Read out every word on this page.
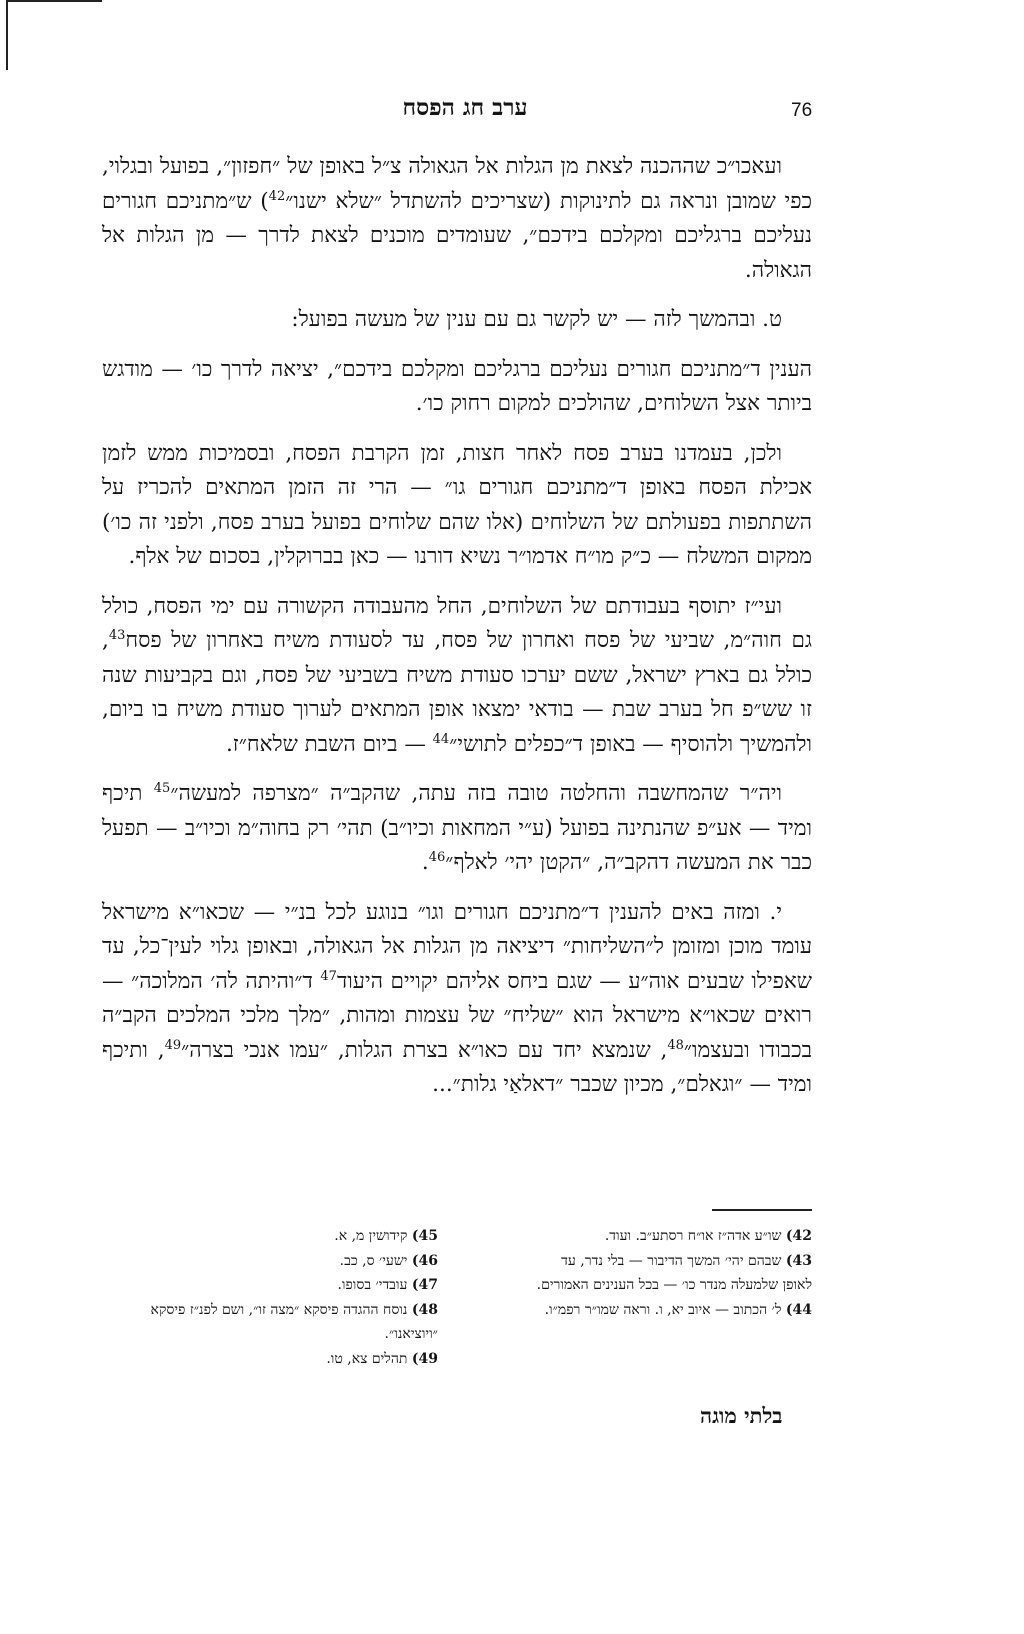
76
ערב חג הפסח

ועאכו״כ שההכנה לצאת מן הגלות אל הגאולה צ״ל באופן של ״חפזון״, בפועל ובגלוי, כפי שמובן ונראה גם לתינוקות (שצריכים להשתדל ״שלא ישנו״$^{42}$) ש״מתניכם חגורים נעליכם ברגליכם ומקלכם בידכם״, שעומדים מוכנים לצאת לדרך — מן הגלות אל הגאולה.

ט. ובהמשך לזה — יש לקשר גם עם ענין של מעשה בפועל:

הענין ד״מתניכם חגורים נעליכם ברגליכם ומקלכם בידכם״, יציאה לדרך כו׳ — מודגש ביותר אצל השלוחים, שהולכים למקום רחוק כו׳.

ולכן, בעמדנו בערב פסח לאחר חצות, זמן הקרבת הפסח, ובסמיכות ממש לזמן אכילת הפסח באופן ד״מתניכם חגורים גו״ — הרי זה הזמן המתאים להכריז על השתתפות בפעולתם של השלוחים (אלו שהם שלוחים בפועל בערב פסח, ולפני זה כו׳) ממקום המשלח — כ״ק מו״ח אדמו״ר נשיא דורנו — כאן בברוקלין, בסכום של אלף.

ועי״ז יתוסף בעבודתם של השלוחים, החל מהעבודה הקשורה עם ימי הפסח, כולל גם חוה״מ, שביעי של פסח ואחרון של פסח, עד לסעודת משיח באחרון של פסח$^{43}$, כולל גם בארץ ישראל, ששם יערכו סעודת משיח בשביעי של פסח, וגם בקביעות שנה זו שש״פ חל בערב שבת — בודאי ימצאו אופן המתאים לערוך סעודת משיח בו ביום, ולהמשיך ולהוסיף — באופן ד״כפלים לתושי״$^{44}$ — ביום השבת שלאח״ז.

ויה״ר שהמחשבה והחלטה טובה בזה עתה, שהקב״ה ״מצרפה למעשה״$^{45}$ תיכף ומיד — אע״פ שהנתינה בפועל (ע״י המחאות וכיו״ב) תהי׳ רק בחוה״מ וכיו״ב — תפעל כבר את המעשה דהקב״ה, ״הקטן יהי׳ לאלף״$^{46}$.

י. ומזה באים להענין ד״מתניכם חגורים וגו״ בנוגע לכל בנ״י — שכאו״א מישראל עומד מוכן ומזומן ל״השליחות״ דיציאה מן הגלות אל הגאולה, ובאופן גלוי לעין־כל, עד שאפילו שבעים אוה״ע — שגם ביחס אליהם יקויים היעוד$^{47}$ ד״והיתה לה׳ המלוכה״ — רואים שכאו״א מישראל הוא ״שליח״ של עצמות ומהות, ״מלך מלכי המלכים הקב״ה בכבודו ובעצמו״$^{48}$, שנמצא יחד עם כאו״א בצרת הגלות, ״עמו אנכי בצרה״$^{49}$, ותיכף ומיד — ״וגאלם״, מכיון שכבר ״דאלאַי גלות״...

42) שו״ע אדה״ז או״ח רסתע״ב. ועוד.
43) שבהם יהי׳ המשך הדיבור — בלי נדר, עד לאופן שלמעלה מנדר כו׳ — בכל הענינים האמורים.
44) ל׳ הכתוב — איוב יא, ו. וראה שמו״ר רפמ״ו.
45) קידושין מ, א.
46) ישעי׳ ס, כב.
47) עובדי׳ בסופו.
48) נוסח ההגדה פיסקא ״מצה זו״, ושם לפנ״ז פיסקא ״ויוציאנו״.
49) תהלים צא, טו.
בלתי מוגה
